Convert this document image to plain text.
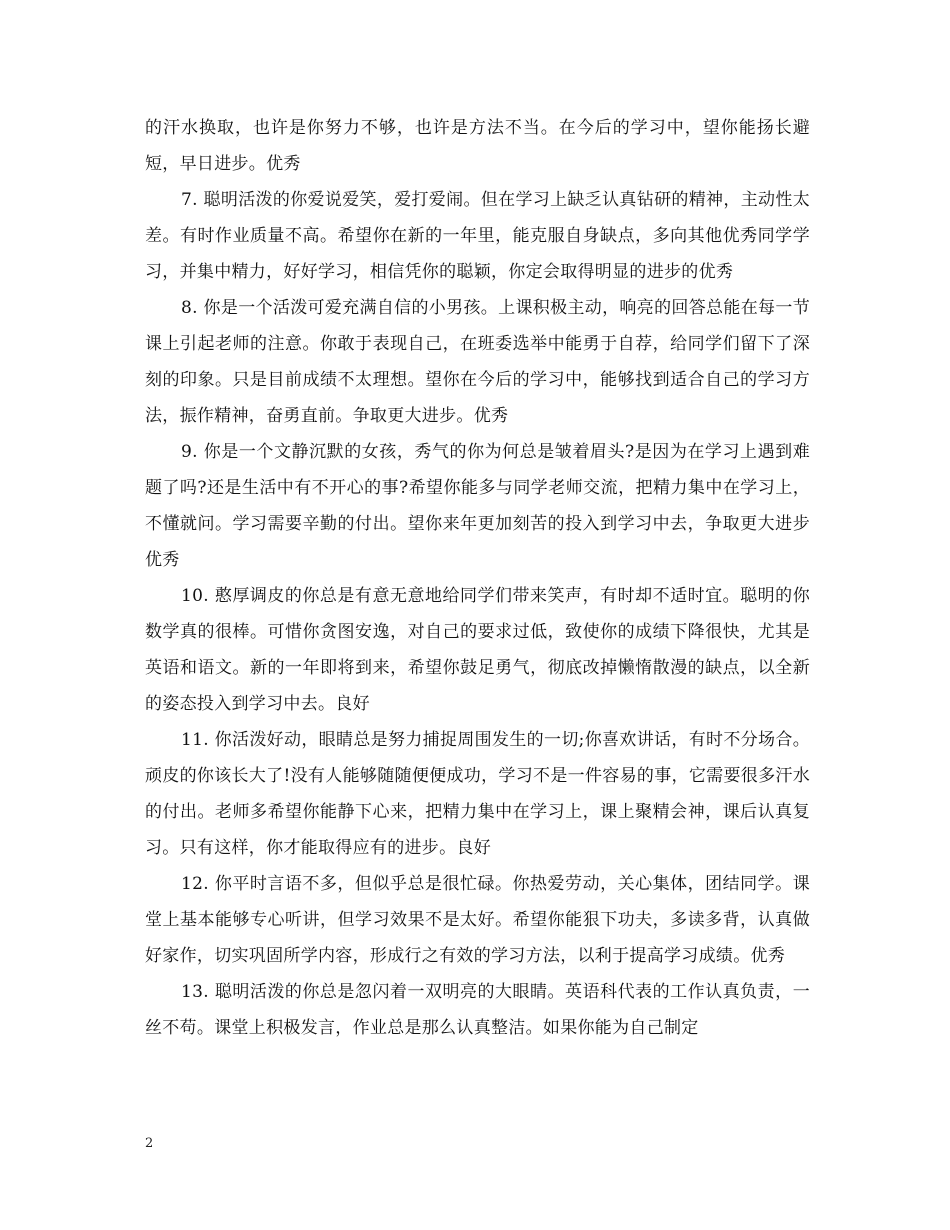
的汗水换取，也许是你努力不够，也许是方法不当。在今后的学习中，望你能扬长避短，早日进步。优秀

7. 聪明活泼的你爱说爱笑，爱打爱闹。但在学习上缺乏认真钻研的精神，主动性太差。有时作业质量不高。希望你在新的一年里，能克服自身缺点，多向其他优秀同学学习，并集中精力，好好学习，相信凭你的聪颖，你定会取得明显的进步的优秀

8. 你是一个活泼可爱充满自信的小男孩。上课积极主动，响亮的回答总能在每一节课上引起老师的注意。你敢于表现自己，在班委选举中能勇于自荐，给同学们留下了深刻的印象。只是目前成绩不太理想。望你在今后的学习中，能够找到适合自己的学习方法，振作精神，奋勇直前。争取更大进步。优秀

9. 你是一个文静沉默的女孩，秀气的你为何总是皱着眉头?是因为在学习上遇到难题了吗?还是生活中有不开心的事?希望你能多与同学老师交流，把精力集中在学习上，不懂就问。学习需要辛勤的付出。望你来年更加刻苦的投入到学习中去，争取更大进步优秀

10. 憨厚调皮的你总是有意无意地给同学们带来笑声，有时却不适时宜。聪明的你数学真的很棒。可惜你贪图安逸，对自己的要求过低，致使你的成绩下降很快，尤其是英语和语文。新的一年即将到来，希望你鼓足勇气，彻底改掉懒惰散漫的缺点，以全新的姿态投入到学习中去。良好

11. 你活泼好动，眼睛总是努力捕捉周围发生的一切;你喜欢讲话，有时不分场合。顽皮的你该长大了!没有人能够随随便便成功，学习不是一件容易的事，它需要很多汗水的付出。老师多希望你能静下心来，把精力集中在学习上，课上聚精会神，课后认真复习。只有这样，你才能取得应有的进步。良好

12. 你平时言语不多，但似乎总是很忙碌。你热爱劳动，关心集体，团结同学。课堂上基本能够专心听讲，但学习效果不是太好。希望你能狠下功夫，多读多背，认真做好家作，切实巩固所学内容，形成行之有效的学习方法，以利于提高学习成绩。优秀

13. 聪明活泼的你总是忽闪着一双明亮的大眼睛。英语科代表的工作认真负责，一丝不苟。课堂上积极发言，作业总是那么认真整洁。如果你能为自己制定

2
